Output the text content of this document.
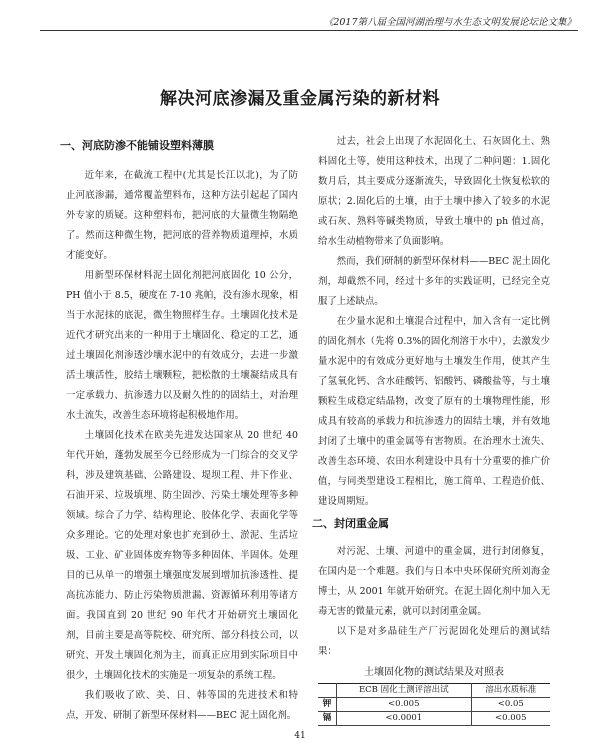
《2017第八届全国河湖治理与水生态文明发展论坛论文集》
解决河底渗漏及重金属污染的新材料
一、河底防渗不能铺设塑料薄膜

近年来，在截流工程中(尤其是长江以北)，为了防止河底渗漏，通常覆盖塑料布，这种方法引起起了国内外专家的质疑。这种塑料布，把河底的大量微生物隔绝了。然而这种微生物，把河底的营养物质道理掉，水质才能变好。

用新型环保材料泥土固化剂把河底固化 10 公分，PH 值小于 8.5，硬度在 7-10 兆帕，没有渗水现象，相当于水泥抹的底泥，微生物照样生存。土壤固化技术是近代才研究出来的一种用于土壤固化、稳定的工艺，通过土壤固化剂渗透沙壤水泥中的有效成分，去进一步激活土壤活性，胶结土壤颗粒，把松散的土壤凝结成具有一定承载力、抗渗透力以及耐久性的的固结土，对治理水土流失，改善生态环境将起积极地作用。

土壤固化技术在欧美先进发达国家从 20 世纪 40 年代开始，蓬勃发展至今已经形成为一门综合的交叉学科，涉及建筑基础、公路建设、堤坝工程、井下作业、石油开采、垃圾填埋、防尘固沙、污染土壤处理等多种领域。综合了力学、结构理论、胶体化学、表面化学等众多理论。它的处理对象也扩充到砂土、淤泥、生活垃圾、工业、矿业固体废弃物等多种固体、半固体。处理目的已从单一的增强土壤强度发展到增加抗渗透性、提高抗冻能力、防止污染物质泄漏、资源循环利用等诸方面。我国直到 20 世纪 90 年代才开始研究土壤固化剂，目前主要是高等院校、研究所、部分科技公司，以研究、开发土壤固化剂为主，而真正应用到实际项目中很少，土壤固化技术的实施是一项复杂的系统工程。

我们吸收了欧、美、日、韩等国的先进技术和特点，开发、研制了新型环保材料——BEC 泥土固化剂。

过去，社会上出现了水泥固化土、石灰固化土、熟料固化土等，使用这种技术，出现了二种问题：1.固化数月后，其主要成分逐渐流失，导致固化土恢复松软的原状；2.固化后的土壤，由于土壤中掺入了较多的水泥或石灰、熟料等碱类物质，导致土壤中的 ph 值过高，给水生动植物带来了负面影响。

然而，我们研制的新型环保材料——BEC 泥土固化剂，却截然不同，经过十多年的实践证明，已经完全克服了上述缺点。

在少量水泥和土壤混合过程中，加入含有一定比例的固化剂水（先将 0.3%的固化剂溶于水中），去激发少量水泥中的有效成分更好地与土壤发生作用，使其产生了氢氧化钙、含水硅酸钙、铝酸钙、磷酸盐等，与土壤颗粒生成稳定结晶物，改变了原有的土壤物理性能，形成具有较高的承载力和抗渗透力的固结土壤，并有效地封闭了土壤中的重金属等有害物质。在治理水土流失、改善生态环境、农田水利建设中具有十分重要的推广价值，与同类型建设工程相比，施工简单、工程造价低、建设周期短。

二、封闭重金属

对污泥、土壤、河道中的重金属，进行封闭修复，在国内是一个难题。我们与日本中央环保研究所刘海金博士，从 2001 年就开始研究。在泥土固化剂中加入无毒无害的微量元素，就可以封闭重金属。

以下是对多晶硅生产厂污泥固化处理后的测试结果：

土壤固化物的测试结果及对照表
	ECB 固化土测评溶出试	溶出水质标准
钾	<0.005	<0.05
镉	<0.0001	<0.005
41
